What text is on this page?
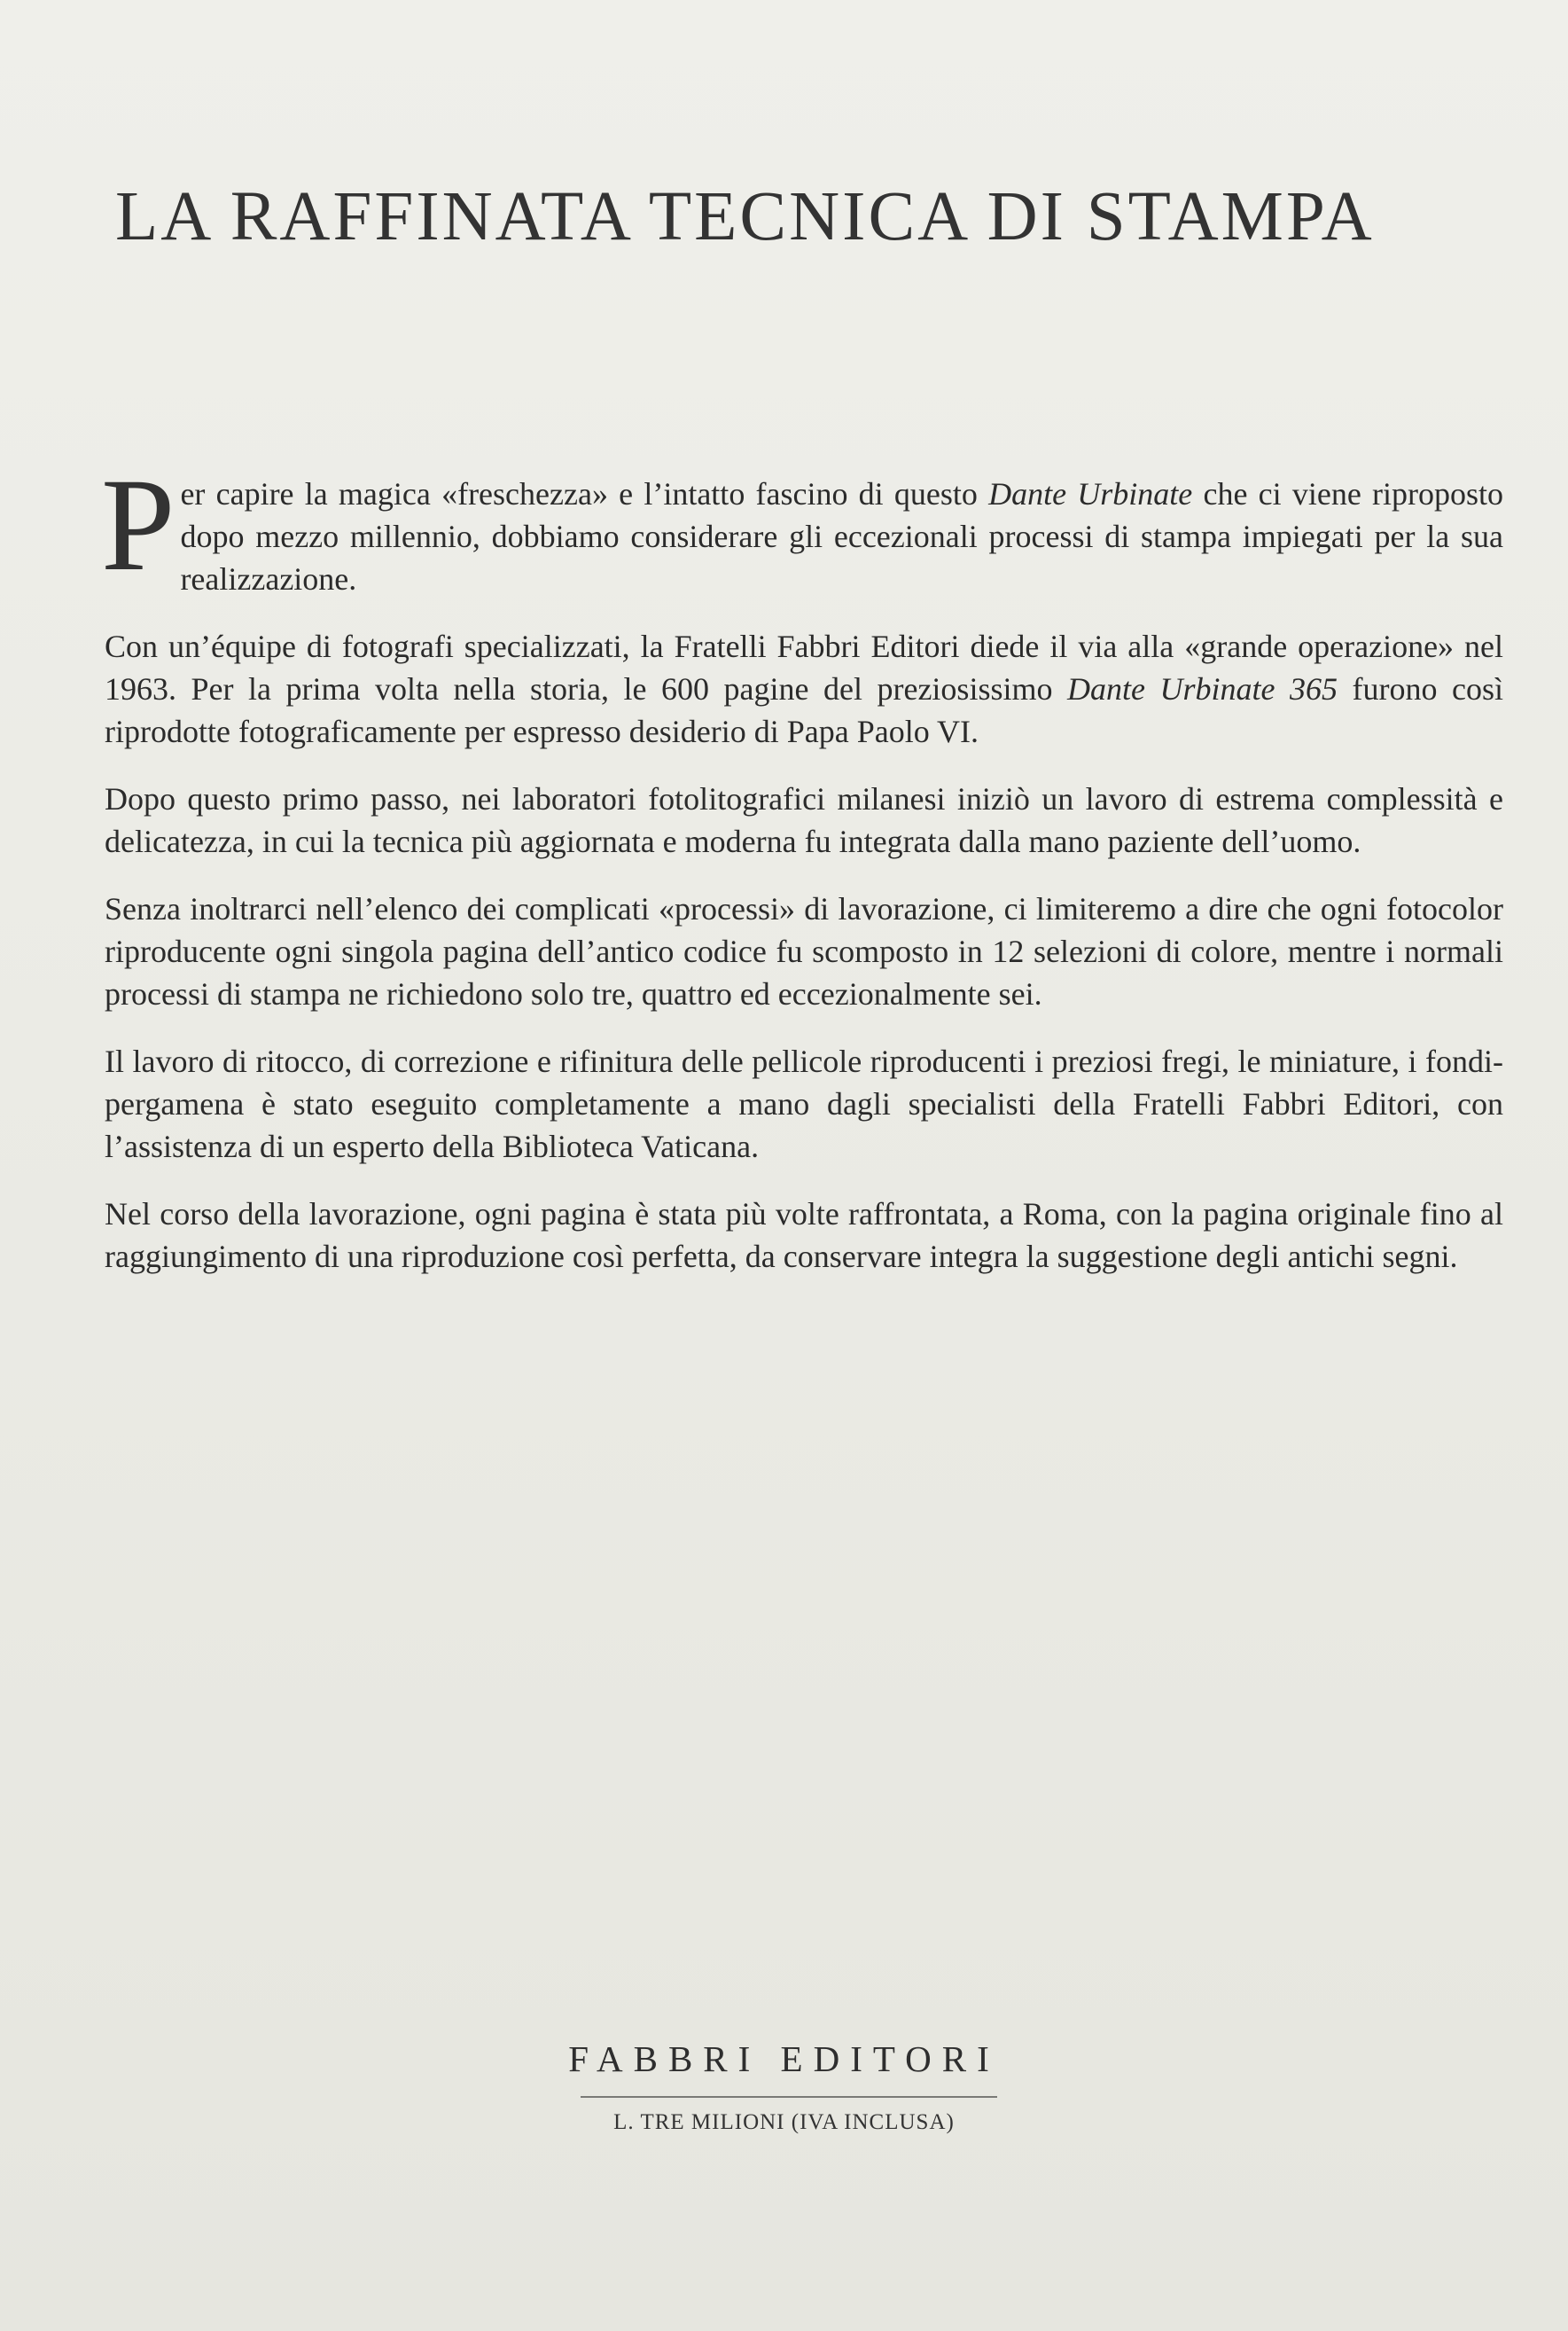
LA RAFFINATA TECNICA DI STAMPA

Per capire la magica «freschezza» e l’intatto fascino di questo Dante Urbinate che ci viene riproposto dopo mezzo millennio, dobbiamo considerare gli eccezionali processi di stampa impiegati per la sua realizzazione.

Con un’équipe di fotografi specializzati, la Fratelli Fabbri Editori diede il via alla «grande operazione» nel 1963. Per la prima volta nella storia, le 600 pagine del preziosissimo Dante Urbinate 365 furono così riprodotte fotograficamente per espresso desiderio di Papa Paolo VI.

Dopo questo primo passo, nei laboratori fotolitografici milanesi iniziò un lavoro di estrema complessità e delicatezza, in cui la tecnica più aggiornata e moderna fu integrata dalla mano paziente dell’uomo.

Senza inoltrarci nell’elenco dei complicati «processi» di lavorazione, ci limiteremo a dire che ogni fotocolor riproducente ogni singola pagina dell’antico codice fu scomposto in 12 selezioni di colore, mentre i normali processi di stampa ne richiedono solo tre, quattro ed eccezionalmente sei.

Il lavoro di ritocco, di correzione e rifinitura delle pellicole riproducenti i preziosi fregi, le miniature, i fondi-pergamena è stato eseguito completamente a mano dagli specialisti della Fratelli Fabbri Editori, con l’assistenza di un esperto della Biblioteca Vaticana.

Nel corso della lavorazione, ogni pagina è stata più volte raffrontata, a Roma, con la pagina originale fino al raggiungimento di una riproduzione così perfetta, da conservare integra la suggestione degli antichi segni.

FABBRI EDITORI
L. TRE MILIONI (IVA INCLUSA)
